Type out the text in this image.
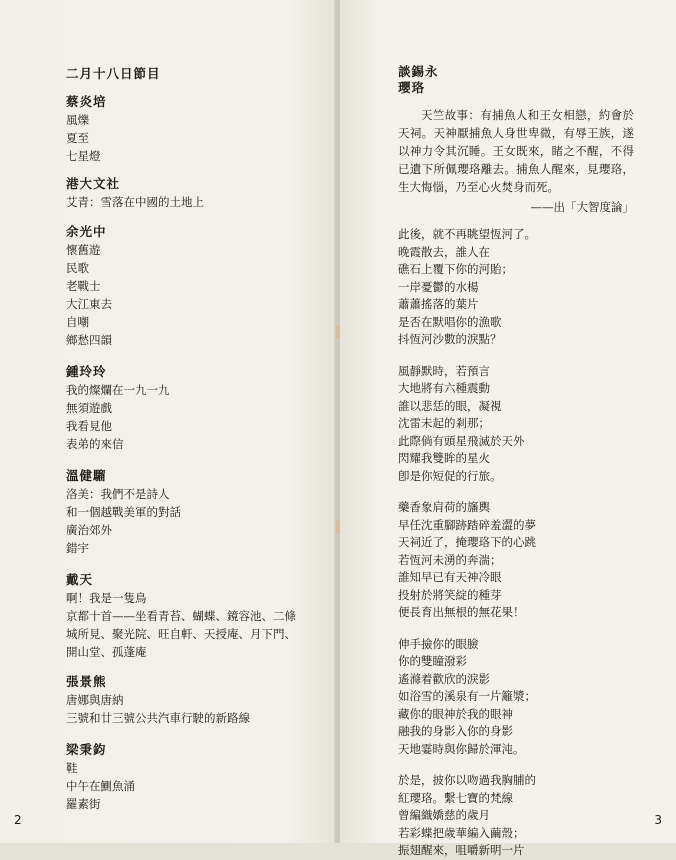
二月十八日節目
蔡炎培
風爍
夏至
七星燈
港大文社
艾青：雪落在中國的土地上
余光中
懷舊遊
民歌
老戰士
大江東去
自嘲
鄉愁四韻
鍾玲玲
我的燦爛在一九一九
無須遊戲
我看見他
表弟的來信
溫健騮
洛美：我們不是詩人
和一個越戰美軍的對話
廣治郊外
錯宇
戴天
啊！我是一隻鳥
京都十首——坐看青苔、蝴蝶、鏡容池、二條
城所見、聚光院、旺自軒、天授庵、月下門、
開山堂、孤蓬庵
張景熊
唐娜與唐納
三號和廿三號公共汽車行駛的新路線
梁秉鈞
鞋
中午在鰂魚涌
羅素街
2
談錫永
瓔珞

天竺故事：有捕魚人和王女相戀，約會於天祠。天神厭捕魚人身世卑微，有辱王族，遂以神力令其沉睡。王女既來，睹之不醒，不得已遺下所佩瓔珞離去。捕魚人醒來，見瓔珞，生大悔惱，乃至心火焚身而死。

——出「大智度論」

此後，就不再眺望恆河了。
晚霞散去，誰人在
礁石上覆下你的河貽；
一岸憂鬱的水楊
蕭蕭搖落的葉片
是否在默唱你的漁歌
抖恆河沙數的淚點？
風靜默時，若預言
大地將有六種震動
誰以悲恁的眼，凝視
沈雷未起的剎那；
此際倘有頭星飛滅於天外
閃耀我雙眸的星火
卽是你短促的行旅。
藥香象肩荷的旛輿
早任沈重腳跡踏碎羞澀的夢
天祠近了，掩瓔珞下的心跳
若恆河未湧的奔湍；
誰知早已有天神冷眼
投射於將笑綻的種芽
便長育出無根的無花果！
伸手撿你的眼臉
你的雙瞳潑彩
遙滌着歡欣的淚影
如浴雪的溪泉有一片籬漿；
藏你的眼神於我的眼神
融我的身影入你的身影
天地霎時與你歸於渾沌。
於是，披你以吻過我胸脯的
紅瓔珞。繫七寶的梵線
曾編織嬌慈的歲月
若彩蝶把歲華編入繭殼；
振翅醒來，咀嚼新明一片
3
